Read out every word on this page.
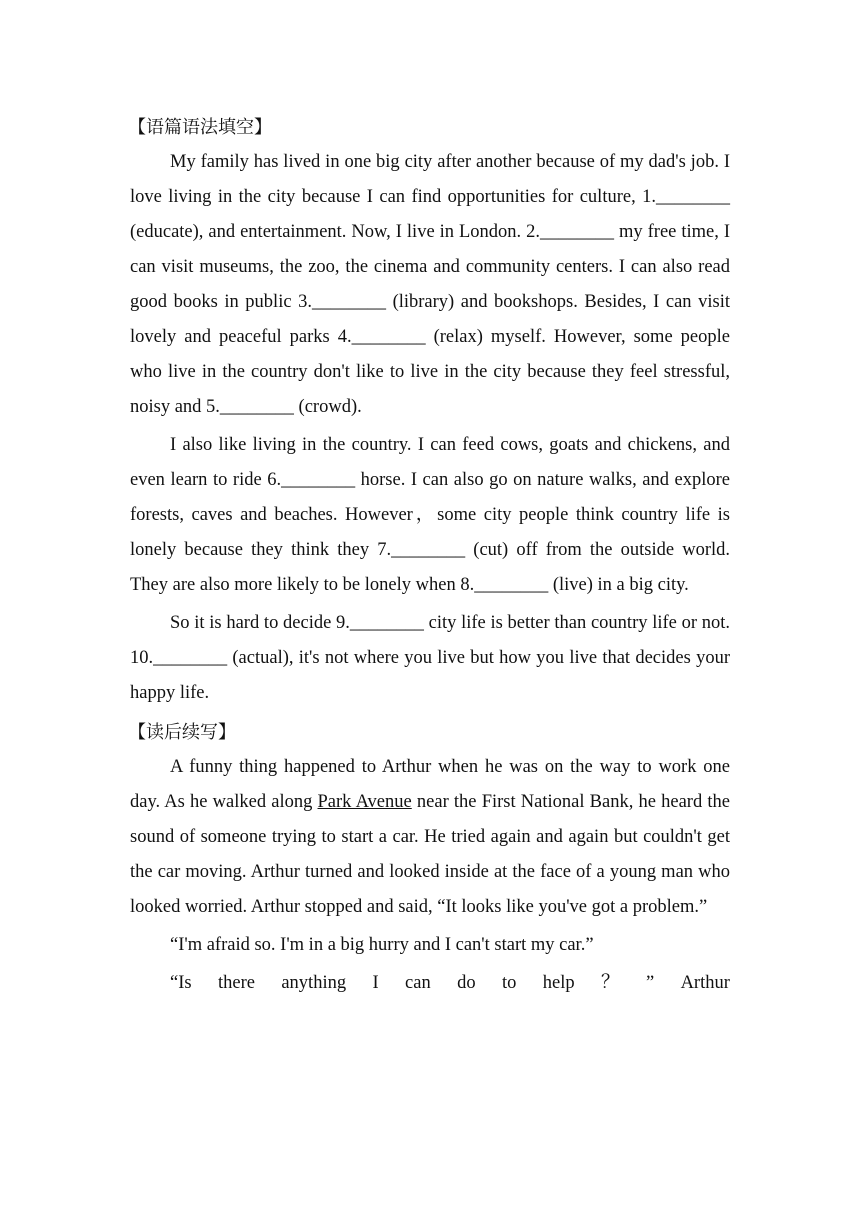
【语篇语法填空】

My family has lived in one big city after another because of my dad's job. I love living in the city because I can find opportunities for culture, 1.________ (educate), and entertainment. Now, I live in London. 2.________ my free time, I can visit museums, the zoo, the cinema and community centers. I can also read good books in public 3.________ (library) and bookshops. Besides, I can visit lovely and peaceful parks 4.________ (relax) myself. However, some people who live in the country don't like to live in the city because they feel stressful, noisy and 5.________ (crowd).

I also like living in the country. I can feed cows, goats and chickens, and even learn to ride 6.________ horse. I can also go on nature walks, and explore forests, caves and beaches. However，some city people think country life is lonely because they think they 7.________ (cut) off from the outside world. They are also more likely to be lonely when 8.________ (live) in a big city.

So it is hard to decide 9.________ city life is better than country life or not. 10.________ (actual), it's not where you live but how you live that decides your happy life.

【读后续写】

A funny thing happened to Arthur when he was on the way to work one day. As he walked along Park Avenue near the First National Bank, he heard the sound of someone trying to start a car. He tried again and again but couldn't get the car moving. Arthur turned and looked inside at the face of a young man who looked worried. Arthur stopped and said, “It looks like you've got a problem.”

“I'm afraid so. I'm in a big hurry and I can't start my car.”

“Is there anything I can do to help ？ ” Arthur
